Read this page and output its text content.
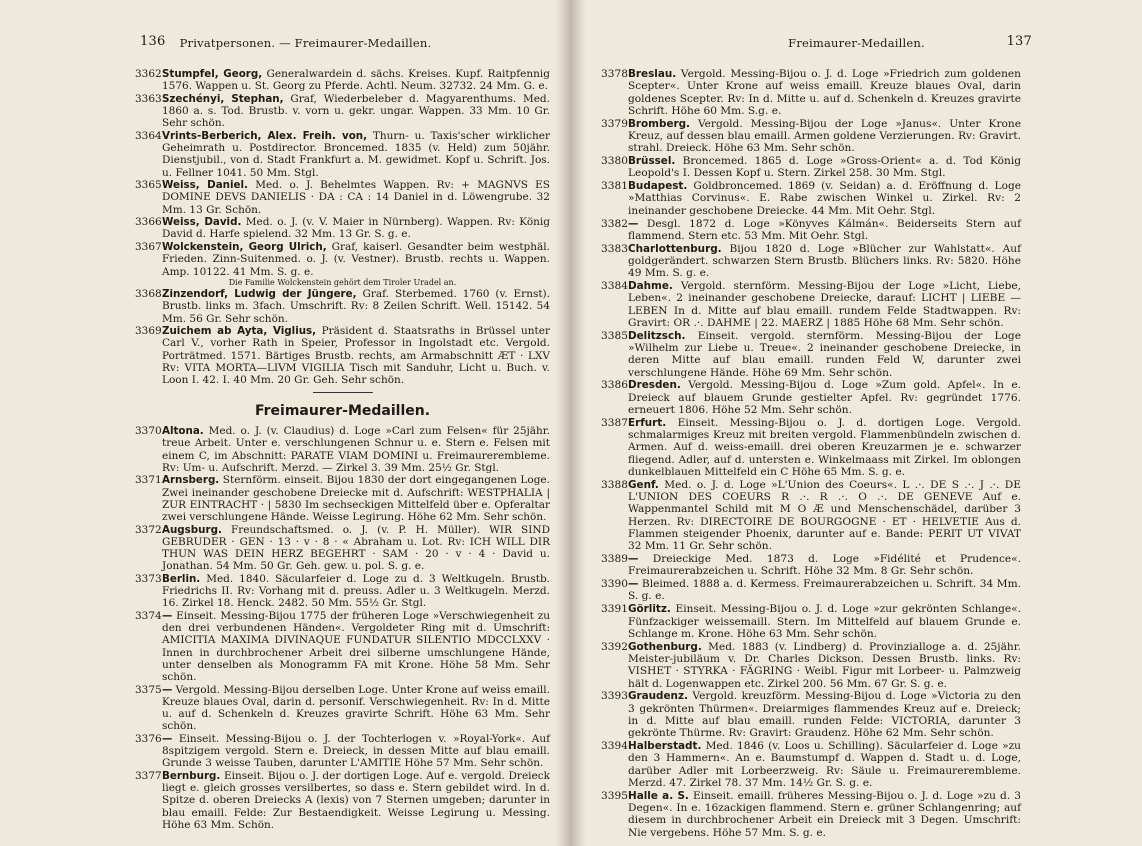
136	Privatpersonen. — Freimaurer-Medaillen.
3362 Stumpfel, Georg, Generalwardein d. sächs. Kreises. Kupf. Raitpfennig 1576. Wappen u. St. Georg zu Pferde. Achtl. Neum. 32732. 24 Mm. G. e.
3363 Szechényi, Stephan, Graf, Wiederbeleber d. Magyarenthums. Med. 1860 a. s. Tod. Brustb. v. vorn u. gekr. ungar. Wappen. 33 Mm. 10 Gr. Sehr schön.
3364 Vrints-Berberich, Alex. Freih. von, Thurn- u. Taxis'scher wirklicher Geheimrath u. Postdirector. Broncemed. 1835 (v. Held) zum 50jähr. Dienstjubil., von d. Stadt Frankfurt a. M. gewidmet. Kopf u. Schrift. Jos. u. Fellner 1041. 50 Mm. Stgl.
3365 Weiss, Daniel. Med. o. J. Behelmtes Wappen. Rv: + MAGNVS ES DOMINE DEVS DANIELIS · DA : CA : 14 Daniel in d. Löwengrube. 32 Mm. 13 Gr. Schön.
3366 Weiss, David. Med. o. J. (v. V. Maier in Nürnberg). Wappen. Rv: König David d. Harfe spielend. 32 Mm. 13 Gr. S. g. e.
3367 Wolckenstein, Georg Ulrich, Graf, kaiserl. Gesandter beim westphäl. Frieden. Zinn-Suitenmed. o. J. (v. Vestner). Brustb. rechts u. Wappen. Amp. 10122. 41 Mm. S. g. e.
Die Familie Wolckenstein gehört dem Tiroler Uradel an.
3368 Zinzendorf, Ludwig der Jüngere, Graf. Sterbemed. 1760 (v. Ernst). Brustb. links m. 3fach. Umschrift. Rv: 8 Zeilen Schrift. Well. 15142. 54 Mm. 56 Gr. Sehr schön.
3369 Zuichem ab Ayta, Viglius, Präsident d. Staatsraths in Brüssel unter Carl V., vorher Rath in Speier, Professor in Ingolstadt etc. Vergold. Porträtmed. 1571. Bärtiges Brustb. rechts, am Armabschnitt ÆT · LXV Rv: VITA MORTA—LIVM VIGILIA Tisch mit Sanduhr, Licht u. Buch. v. Loon I. 42. I. 40 Mm. 20 Gr. Geh. Sehr schön.
Freimaurer-Medaillen.
3370 Altona. Med. o. J. (v. Claudius) d. Loge »Carl zum Felsen« für 25jähr. treue Arbeit. Unter e. verschlungenen Schnur u. e. Stern e. Felsen mit einem C, im Abschnitt: PARATE VIAM DOMINI u. Freimaurerembleme. Rv: Um- u. Aufschrift. Merzd. — Zirkel 3. 39 Mm. 25½ Gr. Stgl.
3371 Arnsberg. Sternförm. einseit. Bijou 1830 der dort eingegangenen Loge. Zwei ineinander geschobene Dreiecke mit d. Aufschrift: WESTPHALIA | ZUR EINTRACHT · | 5830 Im sechseckigen Mittelfeld über e. Opferaltar zwei verschlungene Hände. Weisse Legirung. Höhe 62 Mm. Sehr schön.
3372 Augsburg. Freundschaftsmed. o. J. (v. P. H. Müller). WIR SIND GEBRUDER · GEN · 13 · v · 8 · « Abraham u. Lot. Rv: ICH WILL DIR THUN WAS DEIN HERZ BEGEHRT · SAM · 20 · v · 4 · David u. Jonathan. 54 Mm. 50 Gr. Geh. gew. u. pol. S. g. e.
3373 Berlin. Med. 1840. Säcularfeier d. Loge zu d. 3 Weltkugeln. Brustb. Friedrichs II. Rv: Vorhang mit d. preuss. Adler u. 3 Weltkugeln. Merzd. 16. Zirkel 18. Henck. 2482. 50 Mm. 55½ Gr. Stgl.
3374 — Einseit. Messing-Bijou 1775 der früheren Loge »Verschwiegenheit zu den drei verbundenen Händen«. Vergoldeter Ring mit d. Umschrift: AMICITIA MAXIMA DIVINAQUE FUNDATUR SILENTIO MDCCLXXV · Innen in durchbrochener Arbeit drei silberne umschlungene Hände, unter denselben als Monogramm FA mit Krone. Höhe 58 Mm. Sehr schön.
3375 — Vergold. Messing-Bijou derselben Loge. Unter Krone auf weiss emaill. Kreuze blaues Oval, darin d. personif. Verschwiegenheit. Rv: In d. Mitte u. auf d. Schenkeln d. Kreuzes gravirte Schrift. Höhe 63 Mm. Sehr schön.
3376 — Einseit. Messing-Bijou o. J. der Tochterlogen v. »Royal-York«. Auf 8spitzigem vergold. Stern e. Dreieck, in dessen Mitte auf blau emaill. Grunde 3 weisse Tauben, darunter L'AMITIE Höhe 57 Mm. Sehr schön.
3377 Bernburg. Einseit. Bijou o. J. der dortigen Loge. Auf e. vergold. Dreieck liegt e. gleich grosses versilbertes, so dass e. Stern gebildet wird. In d. Spitze d. oberen Dreiecks A (lexis) von 7 Sternen umgeben; darunter in blau emaill. Felde: Zur Bestaendigkeit. Weisse Legirung u. Messing. Höhe 63 Mm. Schön.
Freimaurer-Medaillen.	137
3378 Breslau. Vergold. Messing-Bijou o. J. d. Loge »Friedrich zum goldenen Scepter«. Unter Krone auf weiss emaill. Kreuze blaues Oval, darin goldenes Scepter. Rv: In d. Mitte u. auf d. Schenkeln d. Kreuzes gravirte Schrift. Höhe 60 Mm. S.g. e.
3379 Bromberg. Vergold. Messing-Bijou der Loge »Janus«. Unter Krone Kreuz, auf dessen blau emaill. Armen goldene Verzierungen. Rv: Gravirt. strahl. Dreieck. Höhe 63 Mm. Sehr schön.
3380 Brüssel. Broncemed. 1865 d. Loge »Gross-Orient« a. d. Tod König Leopold's I. Dessen Kopf u. Stern. Zirkel 258. 30 Mm. Stgl.
3381 Budapest. Goldbroncemed. 1869 (v. Seidan) a. d. Eröffnung d. Loge »Matthias Corvinus«. E. Rabe zwischen Winkel u. Zirkel. Rv: 2 ineinander geschobene Dreiecke. 44 Mm. Mit Oehr. Stgl.
3382 — Desgl. 1872 d. Loge »Könyves Kálmán«. Beiderseits Stern auf flammend. Stern etc. 53 Mm. Mit Oehr. Stgl.
3383 Charlottenburg. Bijou 1820 d. Loge »Blücher zur Wahlstatt«. Auf goldgerändert. schwarzen Stern Brustb. Blüchers links. Rv: 5820. Höhe 49 Mm. S. g. e.
3384 Dahme. Vergold. sternförm. Messing-Bijou der Loge »Licht, Liebe, Leben«. 2 ineinander geschobene Dreiecke, darauf: LICHT | LIEBE — LEBEN In d. Mitte auf blau emaill. rundem Felde Stadtwappen. Rv: Gravirt: OR .·. DAHME | 22. MAERZ | 1885 Höhe 68 Mm. Sehr schön.
3385 Delitzsch. Einseit. vergold. sternförm. Messing-Bijou der Loge »Wilhelm zur Liebe u. Treue«. 2 ineinander geschobene Dreiecke, in deren Mitte auf blau emaill. runden Feld W, darunter zwei verschlungene Hände. Höhe 69 Mm. Sehr schön.
3386 Dresden. Vergold. Messing-Bijou d. Loge »Zum gold. Apfel«. In e. Dreieck auf blauem Grunde gestielter Apfel. Rv: gegründet 1776. erneuert 1806. Höhe 52 Mm. Sehr schön.
3387 Erfurt. Einseit. Messing-Bijou o. J. d. dortigen Loge. Vergold. schmalarmiges Kreuz mit breiten vergold. Flammenbündeln zwischen d. Armen. Auf d. weiss-emaill. drei oberen Kreuzarmen je e. schwarzer fliegend. Adler, auf d. untersten e. Winkelmaass mit Zirkel. Im oblongen dunkelblauen Mittelfeld ein C Höhe 65 Mm. S. g. e.
3388 Genf. Med. o. J. d. Loge »L'Union des Coeurs«. L .·. DE S .·. J .·. DE L'UNION DES COEURS R .·. R .·. O .·. DE GENEVE Auf e. Wappenmantel Schild mit M O Æ und Menschenschädel, darüber 3 Herzen. Rv: DIRECTOIRE DE BOURGOGNE · ET · HELVETIE Aus d. Flammen steigender Phoenix, darunter auf e. Bande: PERIT UT VIVAT 32 Mm. 11 Gr. Sehr schön.
3389 — Dreieckige Med. 1873 d. Loge »Fidélité et Prudence«. Freimaurerabzeichen u. Schrift. Höhe 32 Mm. 8 Gr. Sehr schön.
3390 — Bleimed. 1888 a. d. Kermess. Freimaurerabzeichen u. Schrift. 34 Mm. S. g. e.
3391 Görlitz. Einseit. Messing-Bijou o. J. d. Loge »zur gekrönten Schlange«. Fünfzackiger weissemaill. Stern. Im Mittelfeld auf blauem Grunde e. Schlange m. Krone. Höhe 63 Mm. Sehr schön.
3392 Gothenburg. Med. 1883 (v. Lindberg) d. Provinzialloge a. d. 25jähr. Meister-jubiläum v. Dr. Charles Dickson. Dessen Brustb. links. Rv: VISHET · STYRKA · FÄGRING · Weibl. Figur mit Lorbeer- u. Palmzweig hält d. Logenwappen etc. Zirkel 200. 56 Mm. 67 Gr. S. g. e.
3393 Graudenz. Vergold. kreuzförm. Messing-Bijou d. Loge »Victoria zu den 3 gekrönten Thürmen«. Dreiarmiges flammendes Kreuz auf e. Dreieck; in d. Mitte auf blau emaill. runden Felde: VICTORIA, darunter 3 gekrönte Thürme. Rv: Gravirt: Graudenz. Höhe 62 Mm. Sehr schön.
3394 Halberstadt. Med. 1846 (v. Loos u. Schilling). Säcularfeier d. Loge »zu den 3 Hammern«. An e. Baumstumpf d. Wappen d. Stadt u. d. Loge, darüber Adler mit Lorbeerzweig. Rv: Säule u. Freimaurerembleme. Merzd. 47. Zirkel 78. 37 Mm. 14½ Gr. S. g. e.
3395 Halle a. S. Einseit. emaill. früheres Messing-Bijou o. J. d. Loge »zu d. 3 Degen«. In e. 16zackigen flammend. Stern e. grüner Schlangenring; auf diesem in durchbrochener Arbeit ein Dreieck mit 3 Degen. Umschrift: Nie vergebens. Höhe 57 Mm. S. g. e.
